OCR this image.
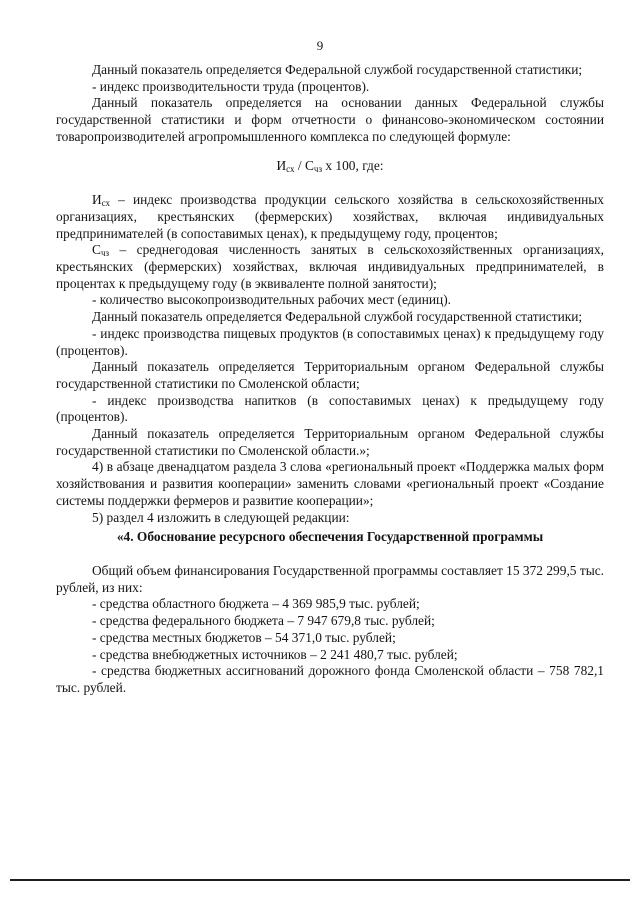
9

Данный показатель определяется Федеральной службой государственной статистики;

- индекс производительности труда (процентов).

Данный показатель определяется на основании данных Федеральной службы государственной статистики и форм отчетности о финансово-экономическом состоянии товаропроизводителей агропромышленного комплекса по следующей формуле:

$И_{сх} / С_{чз}$ х 100, где:

$И_{сх}$ – индекс производства продукции сельского хозяйства в сельскохозяйственных организациях, крестьянских (фермерских) хозяйствах, включая индивидуальных предпринимателей (в сопоставимых ценах), к предыдущему году, процентов;

$С_{чз}$ – среднегодовая численность занятых в сельскохозяйственных организациях, крестьянских (фермерских) хозяйствах, включая индивидуальных предпринимателей, в процентах к предыдущему году (в эквиваленте полной занятости);

- количество высокопроизводительных рабочих мест (единиц).

Данный показатель определяется Федеральной службой государственной статистики;

- индекс производства пищевых продуктов (в сопоставимых ценах) к предыдущему году (процентов).

Данный показатель определяется Территориальным органом Федеральной службы государственной статистики по Смоленской области;

- индекс производства напитков (в сопоставимых ценах) к предыдущему году (процентов).

Данный показатель определяется Территориальным органом Федеральной службы государственной статистики по Смоленской области.»;

4) в абзаце двенадцатом раздела 3 слова «региональный проект «Поддержка малых форм хозяйствования и развития кооперации» заменить словами «региональный проект «Создание системы поддержки фермеров и развитие кооперации»;

5) раздел 4 изложить в следующей редакции:

«4. Обоснование ресурсного обеспечения Государственной программы

Общий объем финансирования Государственной программы составляет 15 372 299,5 тыс. рублей, из них:

- средства областного бюджета – 4 369 985,9 тыс. рублей;

- средства федерального бюджета – 7 947 679,8 тыс. рублей;

- средства местных бюджетов – 54 371,0 тыс. рублей;

- средства внебюджетных источников – 2 241 480,7 тыс. рублей;

- средства бюджетных ассигнований дорожного фонда Смоленской области – 758 782,1 тыс. рублей.
